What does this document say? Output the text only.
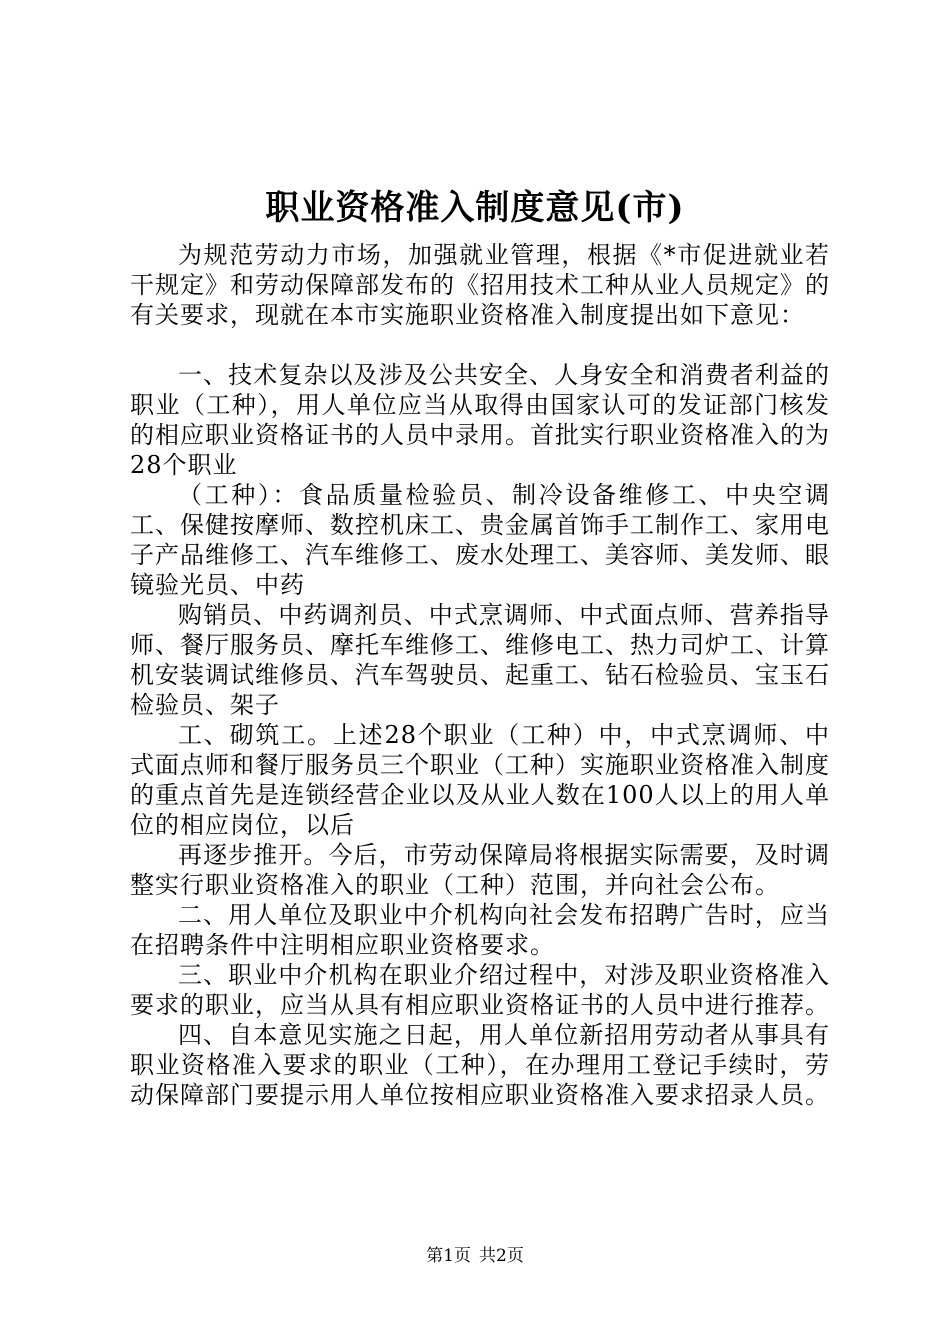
职业资格准入制度意见(市)

为规范劳动力市场，加强就业管理，根据《*市促进就业若干规定》和劳动保障部发布的《招用技术工种从业人员规定》的有关要求，现就在本市实施职业资格准入制度提出如下意见：

一、技术复杂以及涉及公共安全、人身安全和消费者利益的职业（工种），用人单位应当从取得由国家认可的发证部门核发的相应职业资格证书的人员中录用。首批实行职业资格准入的为28个职业

（工种）：食品质量检验员、制冷设备维修工、中央空调工、保健按摩师、数控机床工、贵金属首饰手工制作工、家用电子产品维修工、汽车维修工、废水处理工、美容师、美发师、眼镜验光员、中药

购销员、中药调剂员、中式烹调师、中式面点师、营养指导师、餐厅服务员、摩托车维修工、维修电工、热力司炉工、计算机安装调试维修员、汽车驾驶员、起重工、钻石检验员、宝玉石检验员、架子

工、砌筑工。上述28个职业（工种）中，中式烹调师、中式面点师和餐厅服务员三个职业（工种）实施职业资格准入制度的重点首先是连锁经营企业以及从业人数在100人以上的用人单位的相应岗位，以后

再逐步推开。今后，市劳动保障局将根据实际需要，及时调整实行职业资格准入的职业（工种）范围，并向社会公布。

二、用人单位及职业中介机构向社会发布招聘广告时，应当在招聘条件中注明相应职业资格要求。

三、职业中介机构在职业介绍过程中，对涉及职业资格准入要求的职业，应当从具有相应职业资格证书的人员中进行推荐。

四、自本意见实施之日起，用人单位新招用劳动者从事具有职业资格准入要求的职业（工种），在办理用工登记手续时，劳动保障部门要提示用人单位按相应职业资格准入要求招录人员。

第1页 共2页
